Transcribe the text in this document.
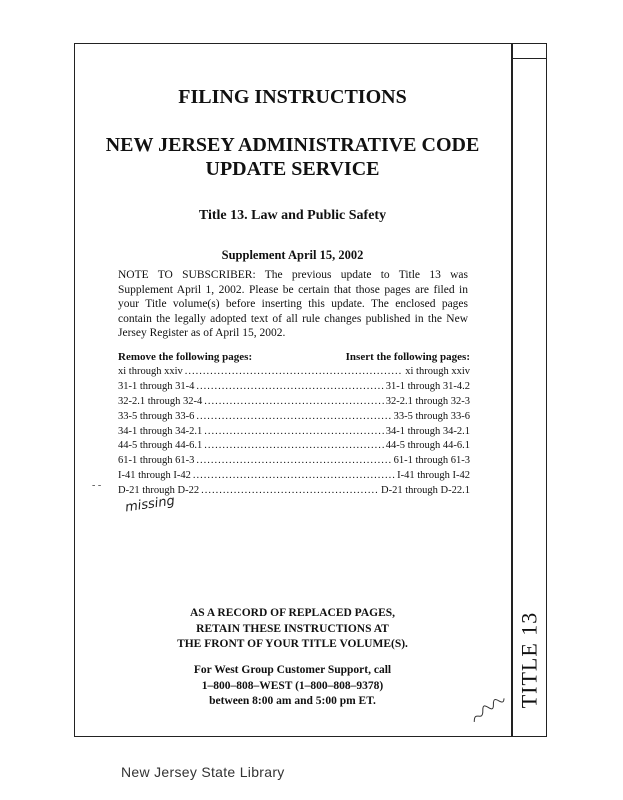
FILING INSTRUCTIONS
NEW JERSEY ADMINISTRATIVE CODE
UPDATE SERVICE
Title 13. Law and Public Safety
Supplement April 15, 2002
NOTE TO SUBSCRIBER: The previous update to Title 13 was Supplement April 1, 2002. Please be certain that those pages are filed in your Title volume(s) before inserting this update. The enclosed pages contain the legally adopted text of all rule changes published in the New Jersey Register as of April 15, 2002.
Remove the following pages:	Insert the following pages:
xi through xxiv .....	xi through xxiv
31-1 through 31-4 .....	31-1 through 31-4.2
32-2.1 through 32-4 .....	32-2.1 through 32-3
33-5 through 33-6 .....	33-5 through 33-6
34-1 through 34-2.1 .....	34-1 through 34-2.1
44-5 through 44-6.1 .....	44-5 through 44-6.1
61-1 through 61-3 .....	61-1 through 61-3
I-41 through I-42 .....	I-41 through I-42
D-21 through D-22 .....	D-21 through D-22.1
- -
missing
AS A RECORD OF REPLACED PAGES,
RETAIN THESE INSTRUCTIONS AT
THE FRONT OF YOUR TITLE VOLUME(S).
For West Group Customer Support, call
1–800–808–WEST (1–800–808–9378)
between 8:00 am and 5:00 pm ET.	TITLE 13
New Jersey State Library
